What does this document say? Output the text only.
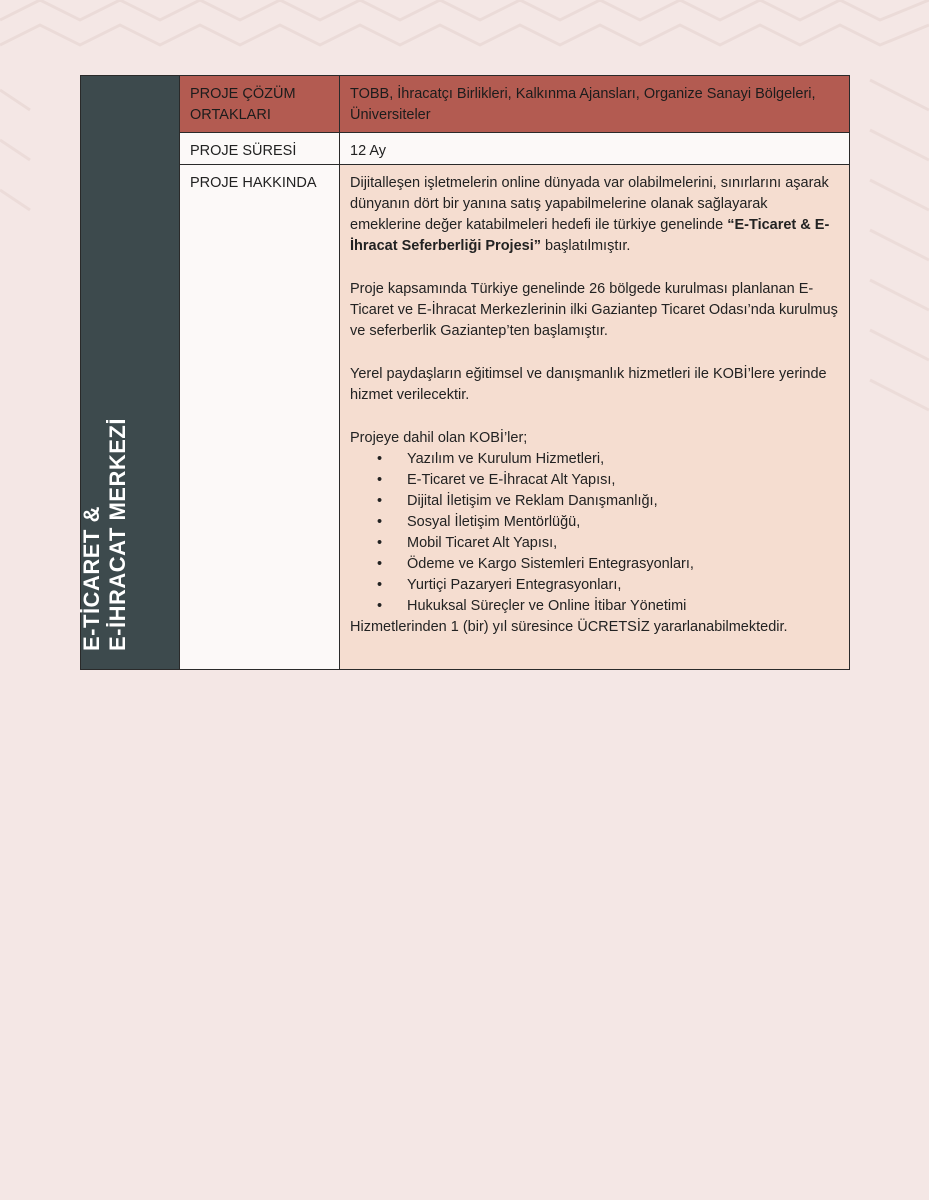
E-TİCARET & E-İHRACAT MERKEZİ
PROJE ÇÖZÜM ORTAKLARI
TOBB, İhracatçı Birlikleri, Kalkınma Ajansları, Organize Sanayi Bölgeleri, Üniversiteler
PROJE SÜRESİ	12 Ay
PROJE HAKKINDA	Dijitalleşen işletmelerin online dünyada var olabilmelerini, sınırlarını aşarak dünyanın dört bir yanına satış yapabilmelerine olanak sağlayarak emeklerine değer katabilmeleri hedefi ile türkiye genelinde “E-Ticaret & E-İhracat Seferberliği Projesi” başlatılmıştır.

Proje kapsamında Türkiye genelinde 26 bölgede kurulması planlanan E-Ticaret ve E-İhracat Merkezlerinin ilki Gaziantep Ticaret Odası’nda kurulmuş ve seferberlik Gaziantep’ten başlamıştır.

Yerel paydaşların eğitimsel ve danışmanlık hizmetleri ile KOBİ’lere yerinde hizmet verilecektir.

Projeye dahil olan KOBİ’ler;
• Yazılım ve Kurulum Hizmetleri,
• E-Ticaret ve E-İhracat Alt Yapısı,
• Dijital İletişim ve Reklam Danışmanlığı,
• Sosyal İletişim Mentörlüğü,
• Mobil Ticaret Alt Yapısı,
• Ödeme ve Kargo Sistemleri Entegrasyonları,
• Yurtiçi Pazaryeri Entegrasyonları,
• Hukuksal Süreçler ve Online İtibar Yönetimi
Hizmetlerinden 1 (bir) yıl süresince ÜCRETSİZ yararlanabilmektedir.
